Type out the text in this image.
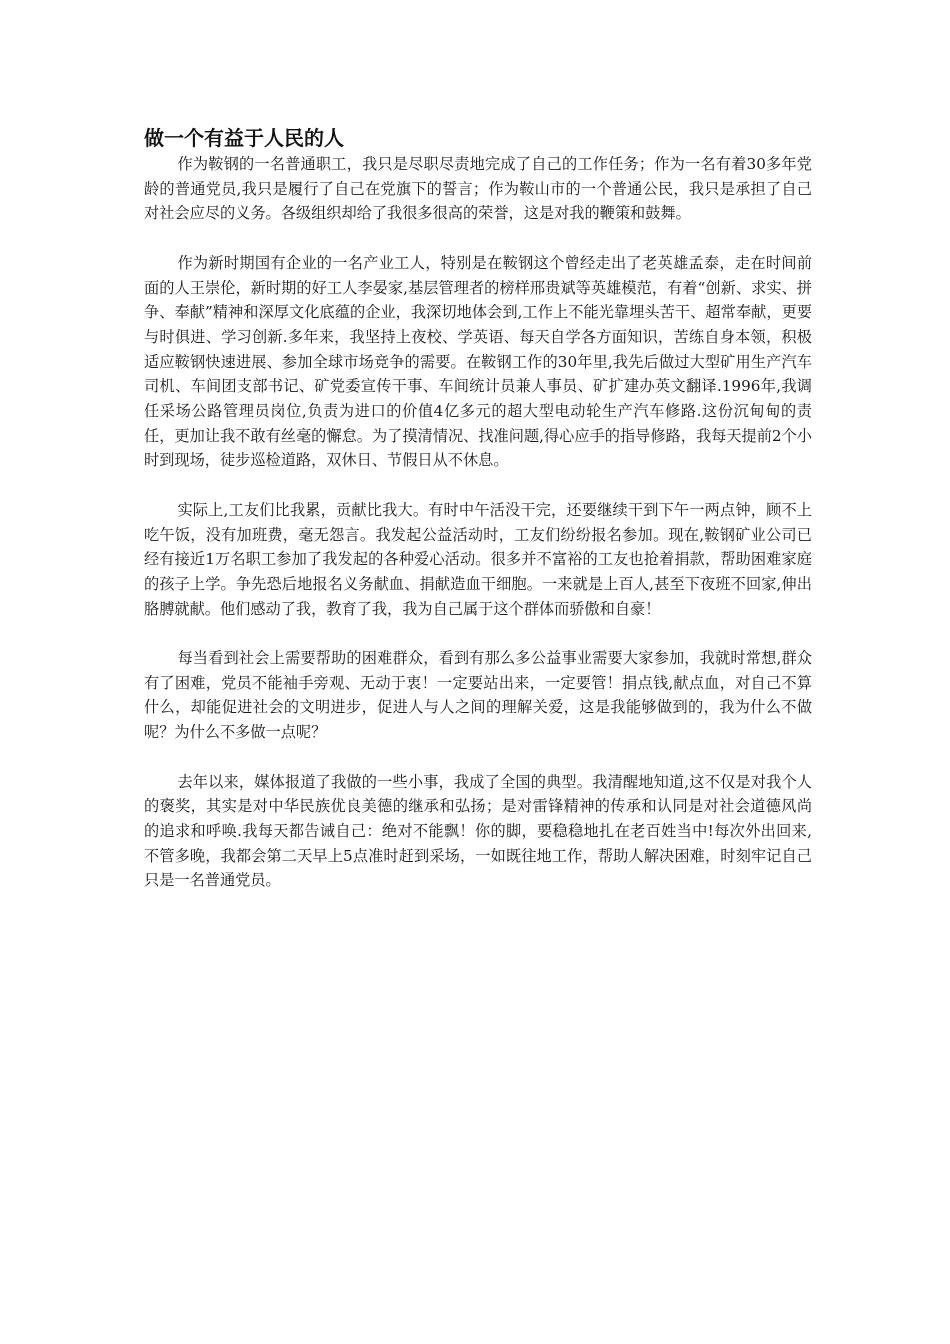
做一个有益于人民的人

作为鞍钢的一名普通职工，我只是尽职尽责地完成了自己的工作任务；作为一名有着30多年党龄的普通党员,我只是履行了自己在党旗下的誓言；作为鞍山市的一个普通公民，我只是承担了自己对社会应尽的义务。各级组织却给了我很多很高的荣誉，这是对我的鞭策和鼓舞。

作为新时期国有企业的一名产业工人，特别是在鞍钢这个曾经走出了老英雄孟泰，走在时间前面的人王崇伦，新时期的好工人李晏家,基层管理者的榜样邢贵斌等英雄模范，有着“创新、求实、拼争、奉献”精神和深厚文化底蕴的企业，我深切地体会到,工作上不能光靠埋头苦干、超常奉献，更要与时俱进、学习创新.多年来，我坚持上夜校、学英语、每天自学各方面知识，苦练自身本领，积极适应鞍钢快速进展、参加全球市场竞争的需要。在鞍钢工作的30年里,我先后做过大型矿用生产汽车司机、车间团支部书记、矿党委宣传干事、车间统计员兼人事员、矿扩建办英文翻译.1996年,我调任采场公路管理员岗位,负责为进口的价值4亿多元的超大型电动轮生产汽车修路.这份沉甸甸的责任，更加让我不敢有丝毫的懈怠。为了摸清情况、找准问题,得心应手的指导修路，我每天提前2个小时到现场，徒步巡检道路，双休日、节假日从不休息。

实际上,工友们比我累，贡献比我大。有时中午活没干完，还要继续干到下午一两点钟，顾不上吃午饭，没有加班费，毫无怨言。我发起公益活动时，工友们纷纷报名参加。现在,鞍钢矿业公司已经有接近1万名职工参加了我发起的各种爱心活动。很多并不富裕的工友也抢着捐款，帮助困难家庭的孩子上学。争先恐后地报名义务献血、捐献造血干细胞。一来就是上百人,甚至下夜班不回家,伸出胳膊就献。他们感动了我，教育了我，我为自己属于这个群体而骄傲和自豪！

每当看到社会上需要帮助的困难群众，看到有那么多公益事业需要大家参加，我就时常想,群众有了困难，党员不能袖手旁观、无动于衷！一定要站出来，一定要管！捐点钱,献点血，对自己不算什么，却能促进社会的文明进步，促进人与人之间的理解关爱，这是我能够做到的，我为什么不做呢？为什么不多做一点呢？

去年以来，媒体报道了我做的一些小事，我成了全国的典型。我清醒地知道,这不仅是对我个人的褒奖，其实是对中华民族优良美德的继承和弘扬；是对雷锋精神的传承和认同是对社会道德风尚的追求和呼唤.我每天都告诫自己：绝对不能飘！你的脚，要稳稳地扎在老百姓当中!每次外出回来,不管多晚，我都会第二天早上5点准时赶到采场，一如既往地工作，帮助人解决困难，时刻牢记自己只是一名普通党员。
